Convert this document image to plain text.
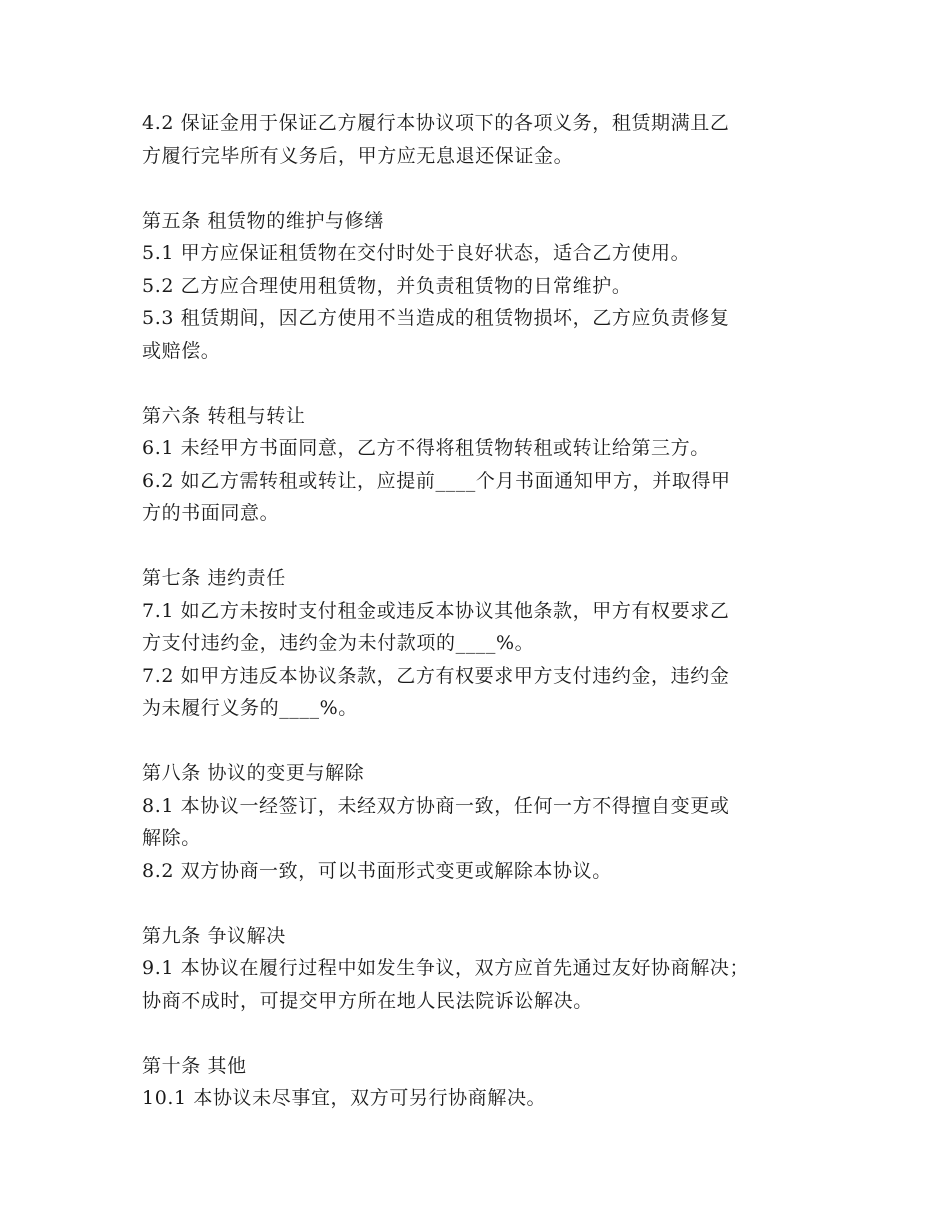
4.2 保证金用于保证乙方履行本协议项下的各项义务，租赁期满且乙
方履行完毕所有义务后，甲方应无息退还保证金。
第五条 租赁物的维护与修缮
5.1 甲方应保证租赁物在交付时处于良好状态，适合乙方使用。
5.2 乙方应合理使用租赁物，并负责租赁物的日常维护。
5.3 租赁期间，因乙方使用不当造成的租赁物损坏，乙方应负责修复
或赔偿。
第六条 转租与转让
6.1 未经甲方书面同意，乙方不得将租赁物转租或转让给第三方。
6.2 如乙方需转租或转让，应提前____个月书面通知甲方，并取得甲
方的书面同意。
第七条 违约责任
7.1 如乙方未按时支付租金或违反本协议其他条款，甲方有权要求乙
方支付违约金，违约金为未付款项的____%。
7.2 如甲方违反本协议条款，乙方有权要求甲方支付违约金，违约金
为未履行义务的____%。
第八条 协议的变更与解除
8.1 本协议一经签订，未经双方协商一致，任何一方不得擅自变更或
解除。
8.2 双方协商一致，可以书面形式变更或解除本协议。
第九条 争议解决
9.1 本协议在履行过程中如发生争议，双方应首先通过友好协商解决；
协商不成时，可提交甲方所在地人民法院诉讼解决。
第十条 其他
10.1 本协议未尽事宜，双方可另行协商解决。
